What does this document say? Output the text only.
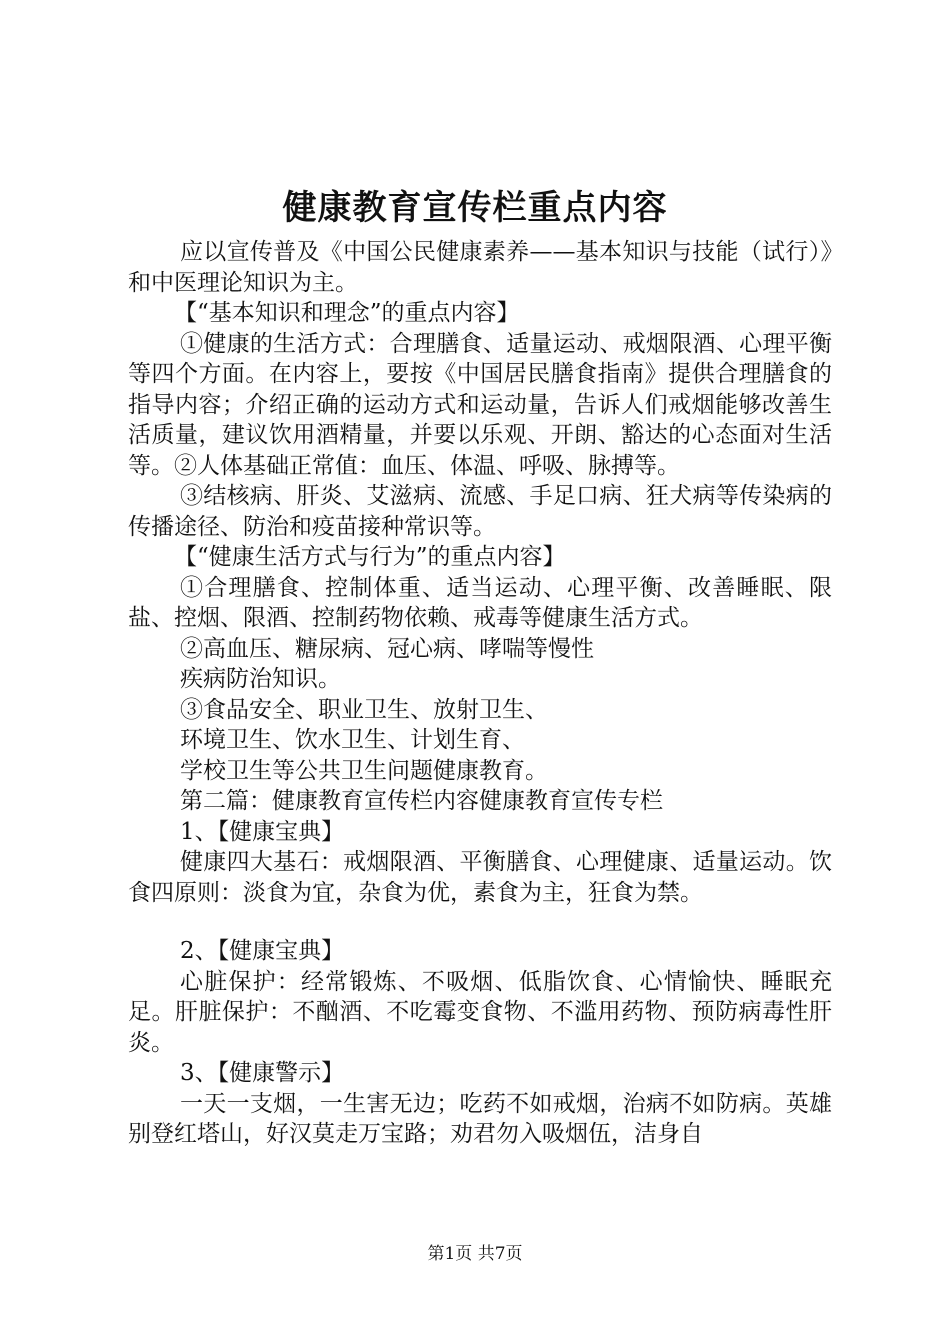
健康教育宣传栏重点内容

应以宣传普及《中国公民健康素养——基本知识与技能（试行）》和中医理论知识为主。

【“基本知识和理念”的重点内容】

①健康的生活方式：合理膳食、适量运动、戒烟限酒、心理平衡等四个方面。在内容上，要按《中国居民膳食指南》提供合理膳食的指导内容；介绍正确的运动方式和运动量，告诉人们戒烟能够改善生活质量，建议饮用酒精量，并要以乐观、开朗、豁达的心态面对生活等。②人体基础正常值：血压、体温、呼吸、脉搏等。

③结核病、肝炎、艾滋病、流感、手足口病、狂犬病等传染病的传播途径、防治和疫苗接种常识等。

【“健康生活方式与行为”的重点内容】

①合理膳食、控制体重、适当运动、心理平衡、改善睡眠、限盐、控烟、限酒、控制药物依赖、戒毒等健康生活方式。

②高血压、糖尿病、冠心病、哮喘等慢性

疾病防治知识。

③食品安全、职业卫生、放射卫生、

环境卫生、饮水卫生、计划生育、

学校卫生等公共卫生问题健康教育。

第二篇：健康教育宣传栏内容健康教育宣传专栏

1、【健康宝典】

健康四大基石：戒烟限酒、平衡膳食、心理健康、适量运动。饮食四原则：淡食为宜，杂食为优，素食为主，狂食为禁。

2、【健康宝典】

心脏保护：经常锻炼、不吸烟、低脂饮食、心情愉快、睡眠充足。肝脏保护：不酗酒、不吃霉变食物、不滥用药物、预防病毒性肝炎。

3、【健康警示】

一天一支烟，一生害无边；吃药不如戒烟，治病不如防病。英雄别登红塔山，好汉莫走万宝路；劝君勿入吸烟伍，洁身自

第1页 共7页
